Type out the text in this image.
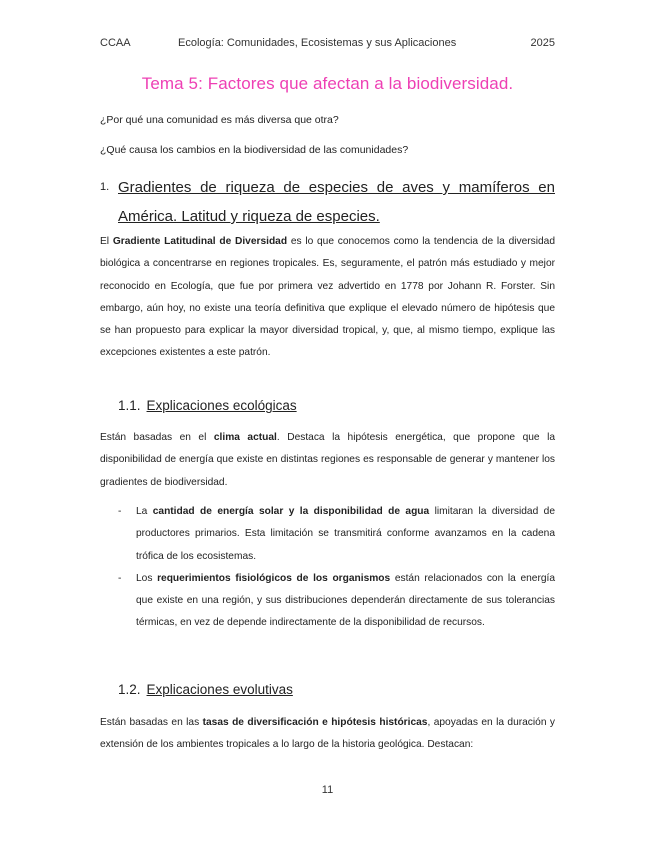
CCAA	Ecología: Comunidades, Ecosistemas y sus Aplicaciones	2025
Tema 5: Factores que afectan a la biodiversidad.
¿Por qué una comunidad es más diversa que otra?
¿Qué causa los cambios en la biodiversidad de las comunidades?
1. Gradientes de riqueza de especies de aves y mamíferos en América. Latitud y riqueza de especies.
El Gradiente Latitudinal de Diversidad es lo que conocemos como la tendencia de la diversidad biológica a concentrarse en regiones tropicales. Es, seguramente, el patrón más estudiado y mejor reconocido en Ecología, que fue por primera vez advertido en 1778 por Johann R. Forster. Sin embargo, aún hoy, no existe una teoría definitiva que explique el elevado número de hipótesis que se han propuesto para explicar la mayor diversidad tropical, y, que, al mismo tiempo, explique las excepciones existentes a este patrón.
1.1. Explicaciones ecológicas
Están basadas en el clima actual. Destaca la hipótesis energética, que propone que la disponibilidad de energía que existe en distintas regiones es responsable de generar y mantener los gradientes de biodiversidad.
- La cantidad de energía solar y la disponibilidad de agua limitaran la diversidad de productores primarios. Esta limitación se transmitirá conforme avanzamos en la cadena trófica de los ecosistemas.
- Los requerimientos fisiológicos de los organismos están relacionados con la energía que existe en una región, y sus distribuciones dependerán directamente de sus tolerancias térmicas, en vez de depende indirectamente de la disponibilidad de recursos.
1.2. Explicaciones evolutivas
Están basadas en las tasas de diversificación e hipótesis históricas, apoyadas en la duración y extensión de los ambientes tropicales a lo largo de la historia geológica. Destacan:
11
